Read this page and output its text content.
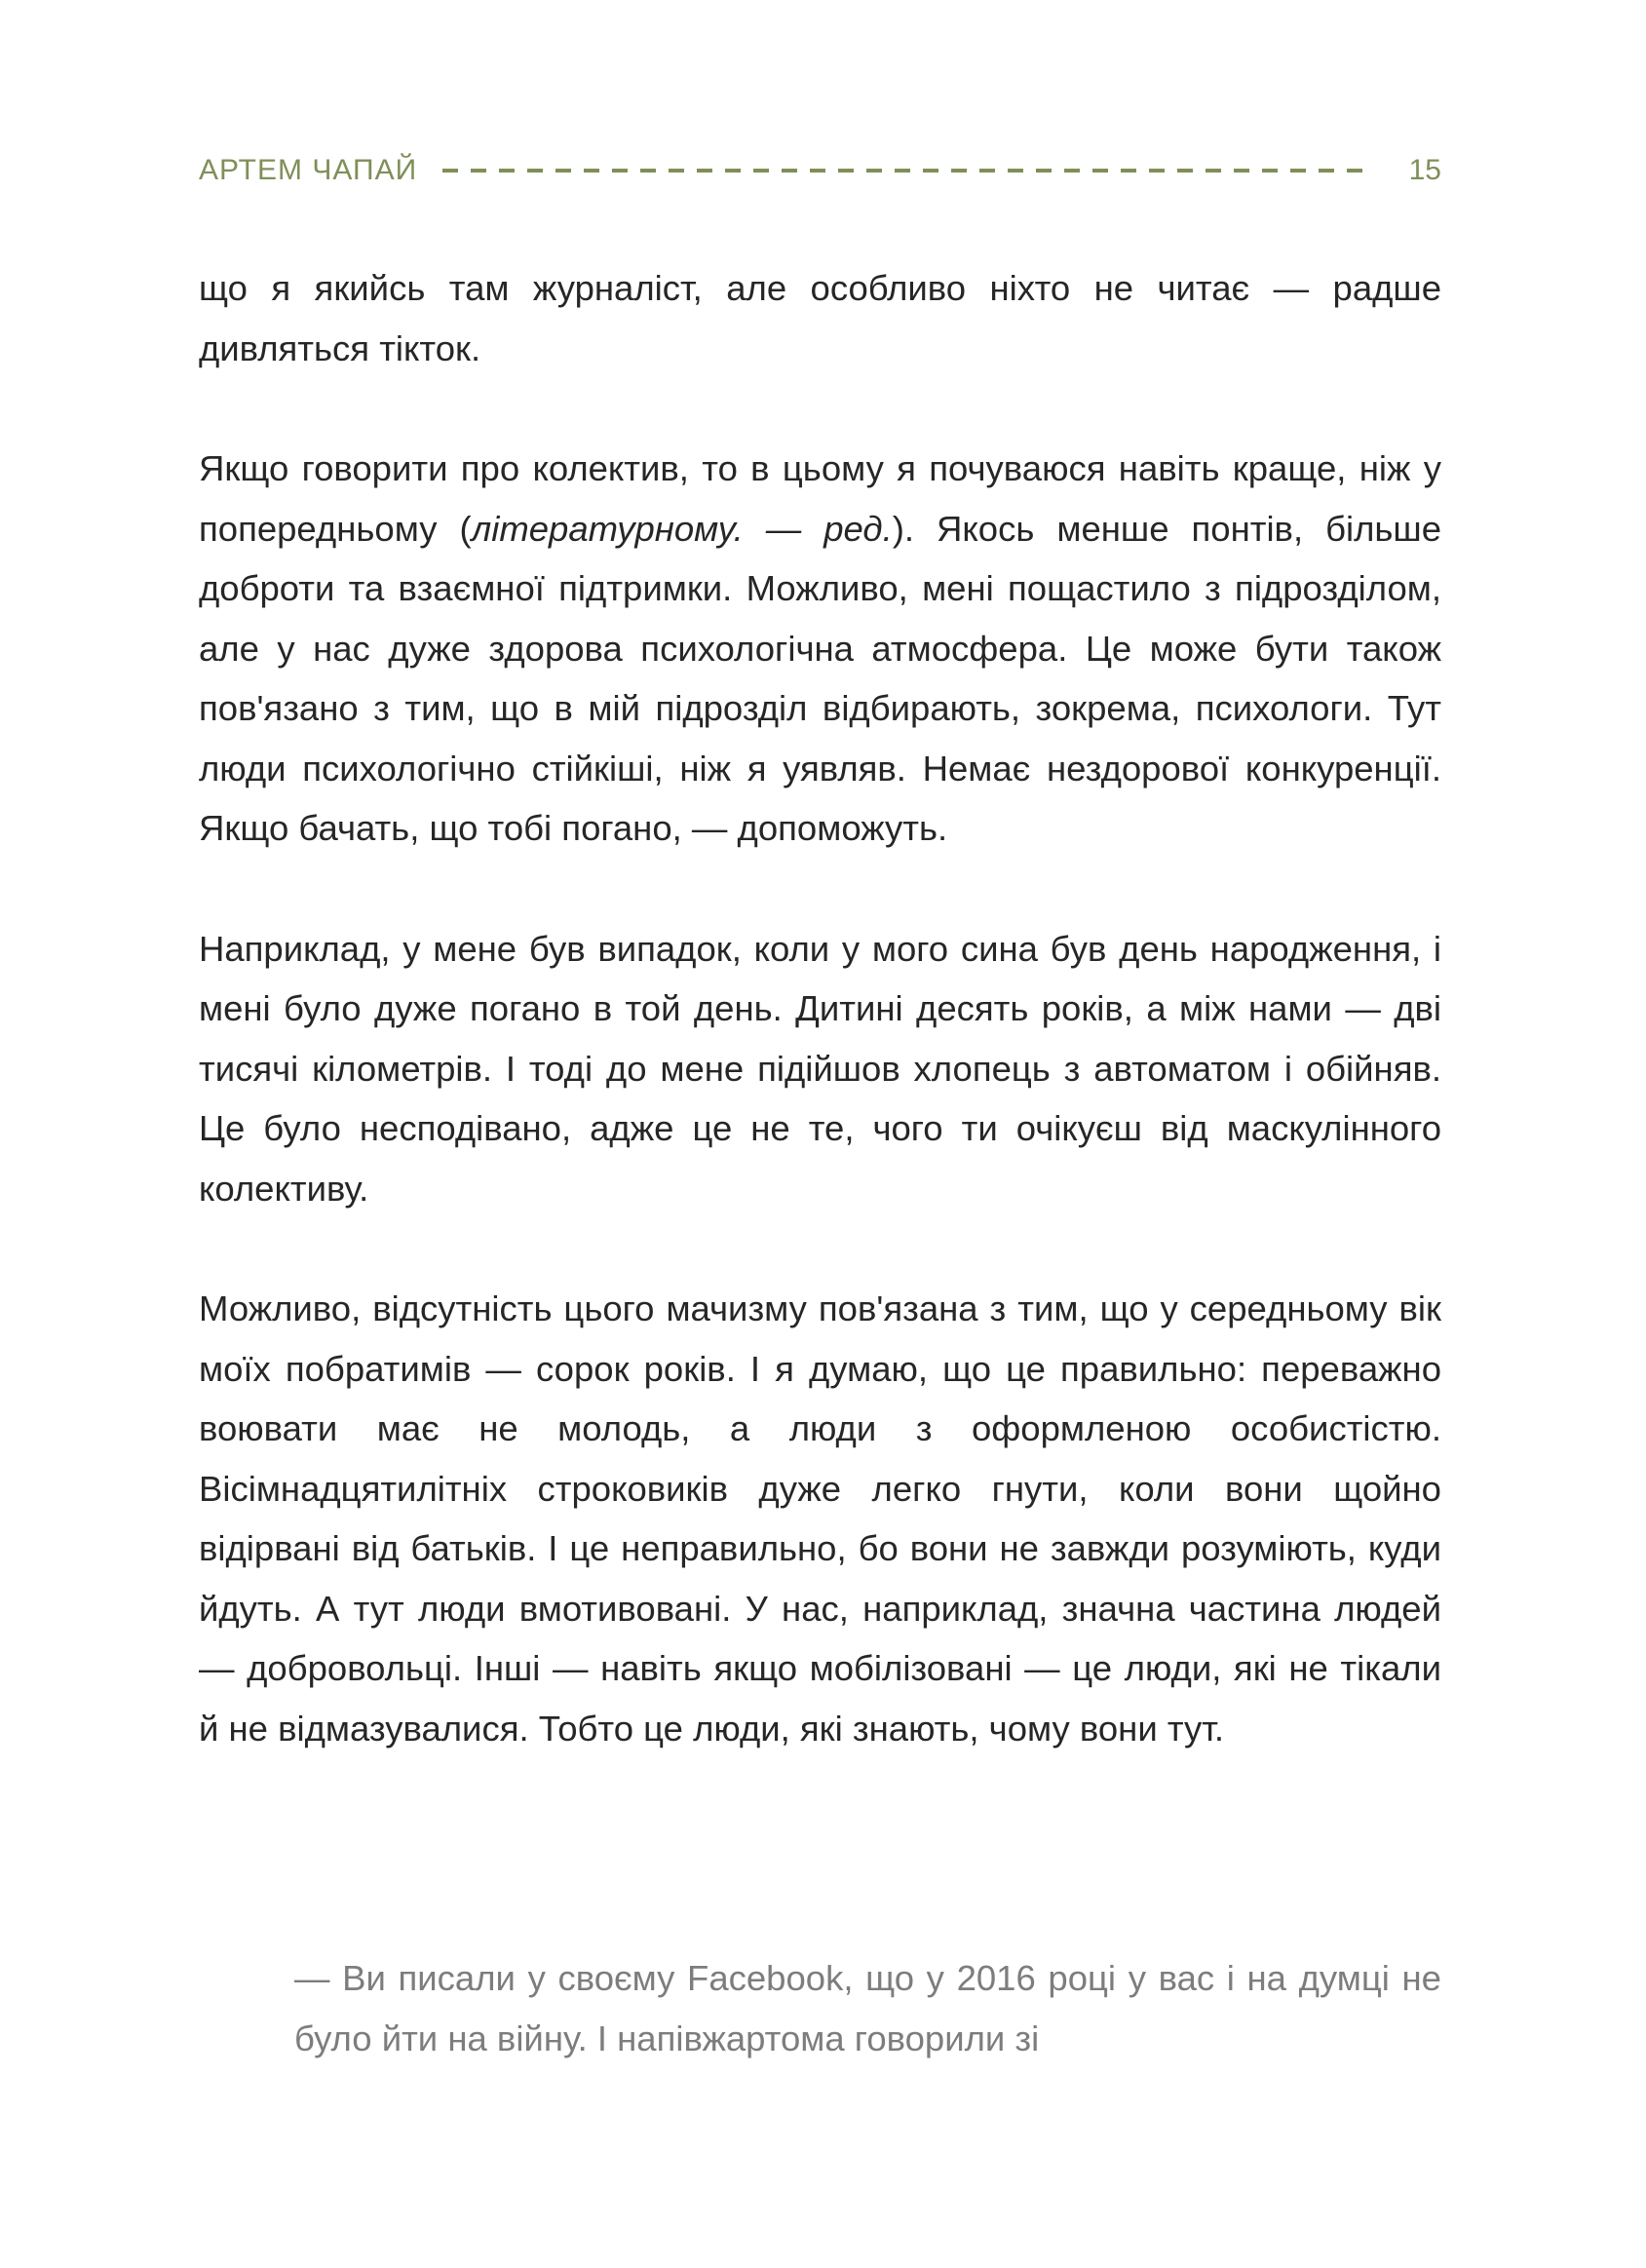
АРТЕМ ЧАПАЙ	15

що я якийсь там журналіст, але особливо ніхто не читає — радше дивляться тікток.

Якщо говорити про колектив, то в цьому я почуваюся навіть краще, ніж у попередньому (літературному. — ред.). Якось менше понтів, більше доброти та взаємної підтримки. Можливо, мені пощастило з підрозділом, але у нас дуже здорова психологічна атмосфера. Це може бути також пов'язано з тим, що в мій підрозділ відбирають, зокрема, психологи. Тут люди психологічно стійкіші, ніж я уявляв. Немає нездорової конкуренції. Якщо бачать, що тобі погано, — допоможуть.

Наприклад, у мене був випадок, коли у мого сина був день народження, і мені було дуже погано в той день. Дитині десять років, а між нами — дві тисячі кілометрів. І тоді до мене підійшов хлопець з автоматом і обійняв. Це було несподівано, адже це не те, чого ти очікуєш від маскулінного колективу.

Можливо, відсутність цього мачизму пов'язана з тим, що у середньому вік моїх побратимів — сорок років. І я думаю, що це правильно: переважно воювати має не молодь, а люди з оформленою особистістю. Вісімнадцятилітніх строковиків дуже легко гнути, коли вони щойно відірвані від батьків. І це неправильно, бо вони не завжди розуміють, куди йдуть. А тут люди вмотивовані. У нас, наприклад, значна частина людей — добровольці. Інші — навіть якщо мобілізовані — це люди, які не тікали й не відмазувалися. Тобто це люди, які знають, чому вони тут.

— Ви писали у своєму Facebook, що у 2016 році у вас і на думці не було йти на війну. І напівжартома говорили зі
